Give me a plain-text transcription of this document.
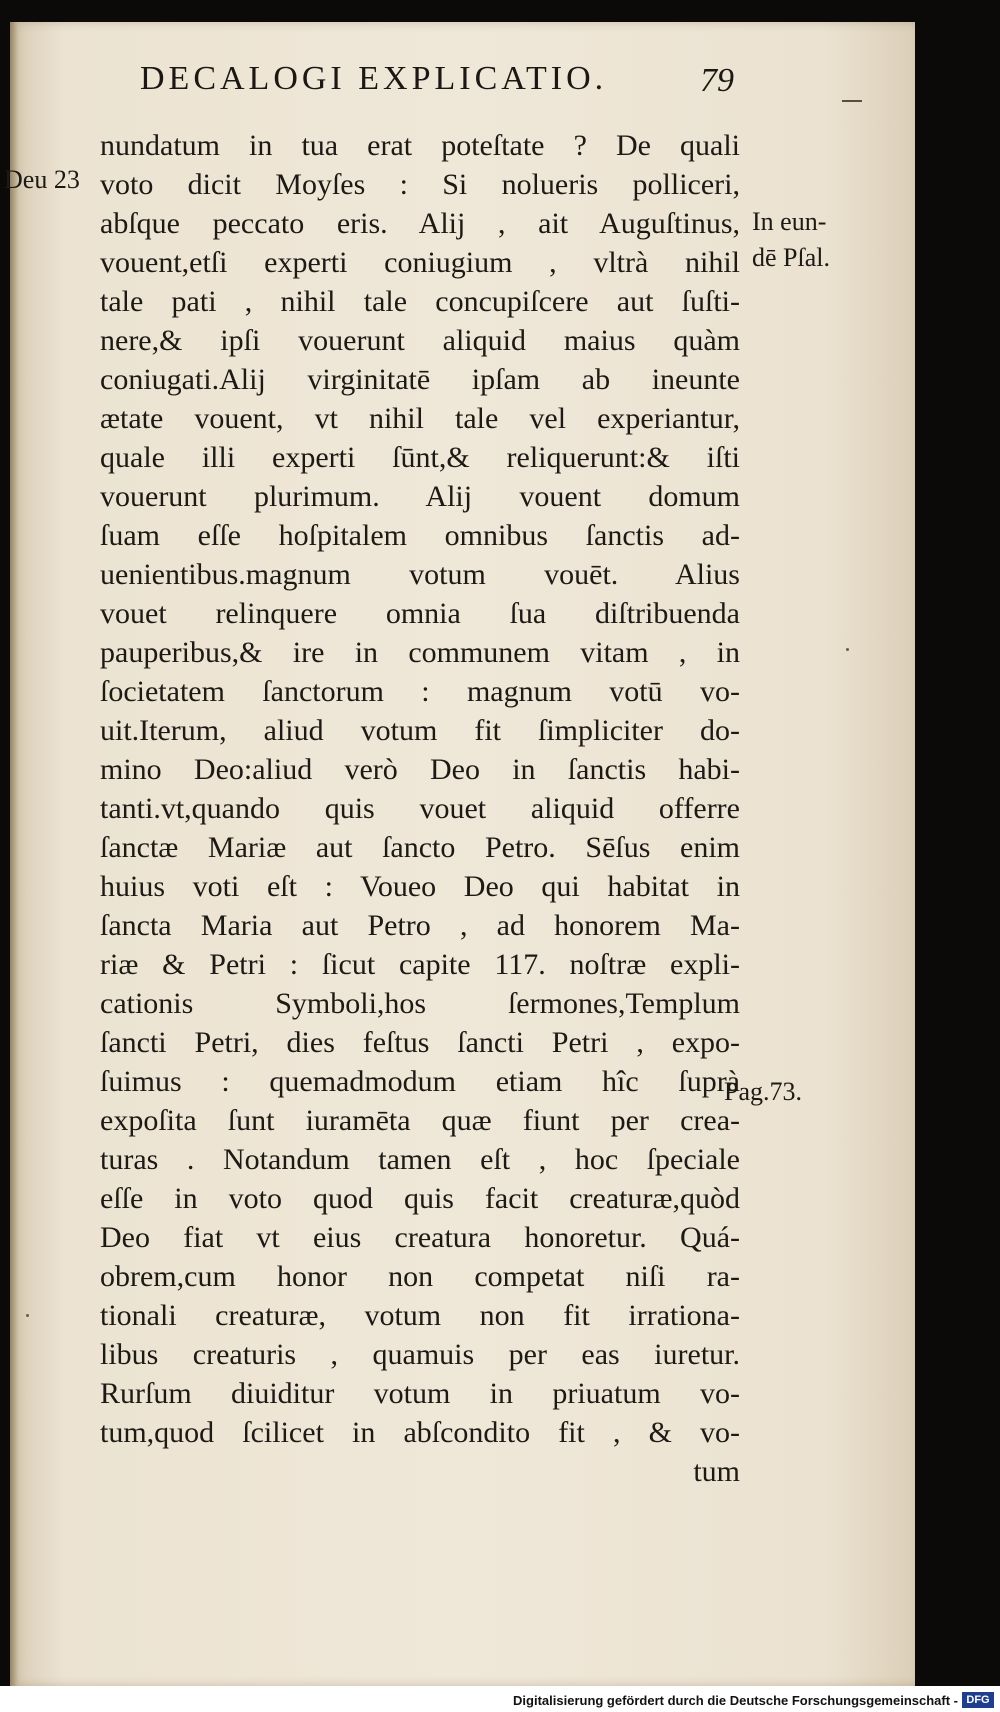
DECALOGI EXPLICATIO.	79
nundatum in tua erat poteſtate ? De quali
voto dicit Moyſes : Si nolueris polliceri,
abſque peccato eris. Alij , ait Auguſtinus,
vouent,etſi experti coniugium , vltrà nihil
tale pati , nihil tale concupiſcere aut ſuſti-
nere,& ipſi vouerunt aliquid maius quàm
coniugati.Alij virginitatē ipſam ab ineunte
ætate vouent, vt nihil tale vel experiantur,
quale illi experti ſūnt,& reliquerunt:& iſti
vouerunt plurimum. Alij vouent domum
ſuam eſſe hoſpitalem omnibus ſanctis ad-
uenientibus.magnum votum vouēt. Alius
vouet relinquere omnia ſua diſtribuenda
pauperibus,& ire in communem vitam , in
ſocietatem ſanctorum : magnum votū vo-
uit.Iterum, aliud votum fit ſimpliciter do-
mino Deo:aliud verò Deo in ſanctis habi-
tanti.vt,quando quis vouet aliquid offerre
ſanctæ Mariæ aut ſancto Petro. Sēſus enim
huius voti eſt : Voueo Deo qui habitat in
ſancta Maria aut Petro , ad honorem Ma-
riæ & Petri : ſicut capite 117. noſtræ expli-
cationis Symboli,hos ſermones,Templum
ſancti Petri, dies feſtus ſancti Petri , expo-
ſuimus : quemadmodum etiam hîc ſuprà
expoſita ſunt iuramēta quæ fiunt per crea-
turas . Notandum tamen eſt , hoc ſpeciale
eſſe in voto quod quis facit creaturæ,quòd
Deo fiat vt eius creatura honoretur. Quá-
obrem,cum honor non competat niſi ra-
tionali creaturæ, votum non fit irrationa-
libus creaturis , quamuis per eas iuretur.
Rurſum diuiditur votum in priuatum vo-
tum,quod ſcilicet in abſcondito fit , & vo-
tum
Deu 23
In eun-
dē Pſal.
Pag.73.
Digitalisierung gefördert durch die Deutsche Forschungsgemeinschaft - DFG
